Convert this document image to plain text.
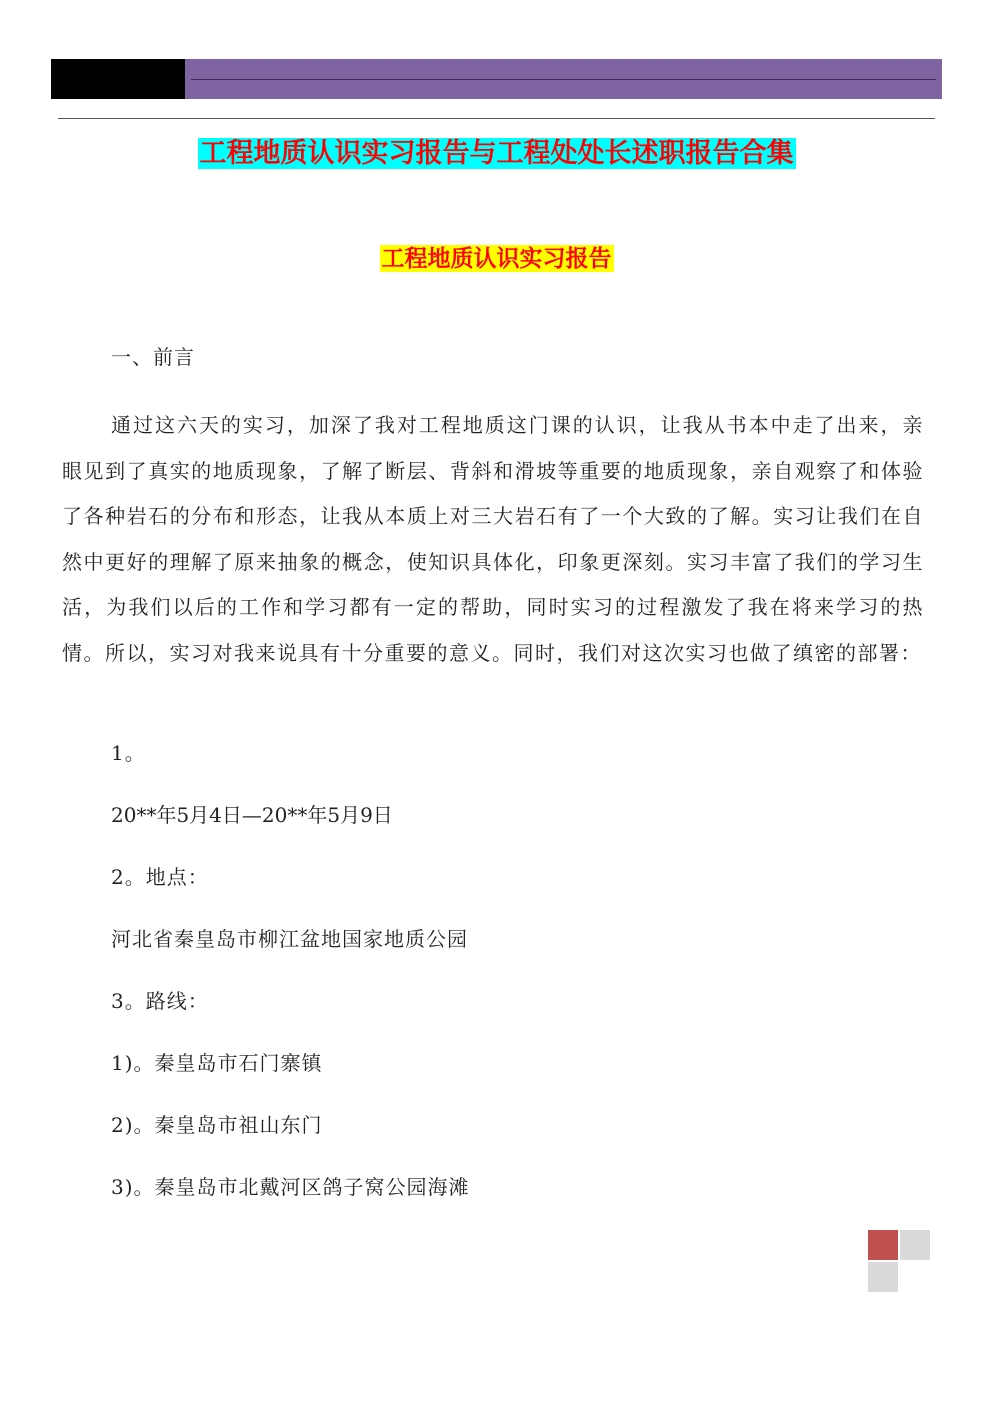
工程地质认识实习报告与工程处处长述职报告合集
工程地质认识实习报告
一、前言

通过这六天的实习，加深了我对工程地质这门课的认识，让我从书本中走了出来，亲眼见到了真实的地质现象，了解了断层、背斜和滑坡等重要的地质现象，亲自观察了和体验了各种岩石的分布和形态，让我从本质上对三大岩石有了一个大致的了解。实习让我们在自然中更好的理解了原来抽象的概念，使知识具体化，印象更深刻。实习丰富了我们的学习生活，为我们以后的工作和学习都有一定的帮助，同时实习的过程激发了我在将来学习的热情。所以，实习对我来说具有十分重要的意义。同时，我们对这次实习也做了缜密的部署：

1。
20**年5月4日—20**年5月9日
2。地点：
河北省秦皇岛市柳江盆地国家地质公园
3。路线：
1)。秦皇岛市石门寨镇
2)。秦皇岛市祖山东门
3)。秦皇岛市北戴河区鸽子窝公园海滩
